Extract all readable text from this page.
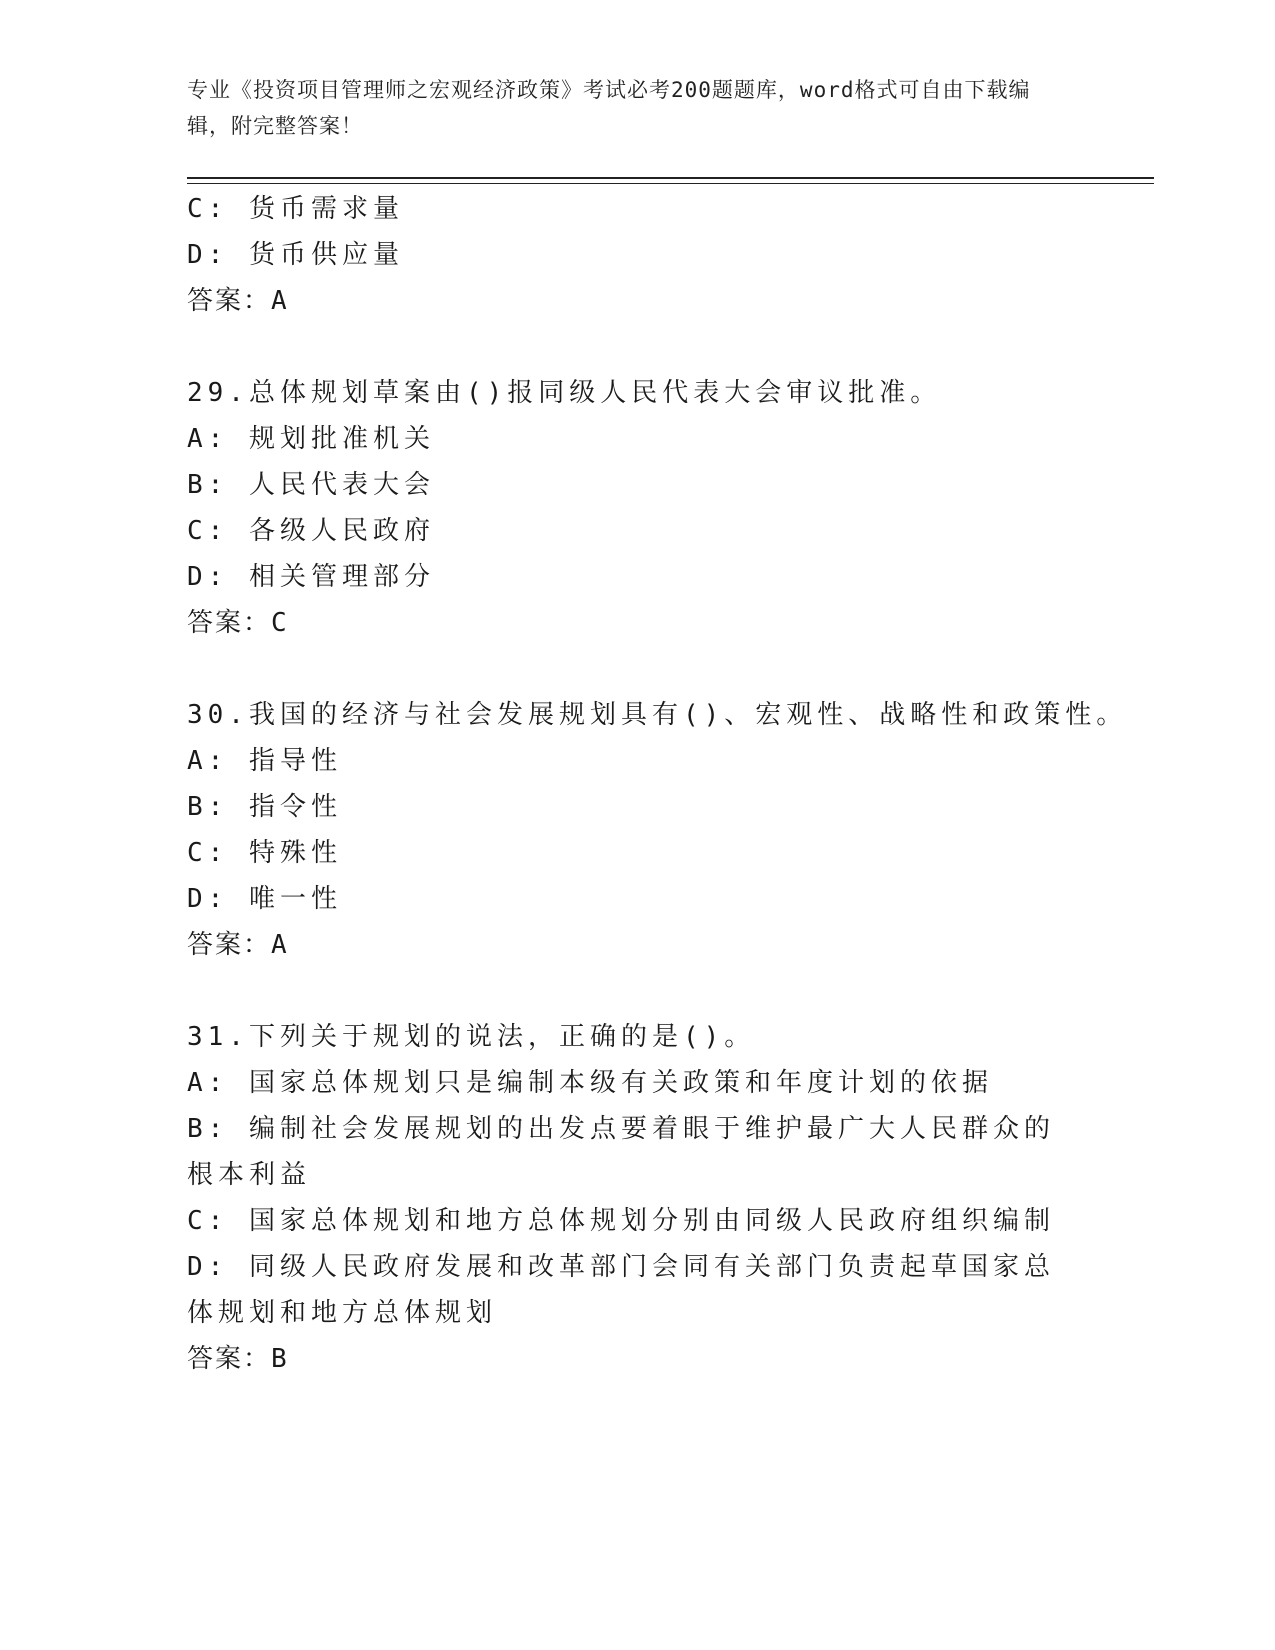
专业《投资项目管理师之宏观经济政策》考试必考200题题库，word格式可自由下载编辑，附完整答案！
C: 货币需求量
D: 货币供应量
答案：A
29.总体规划草案由()报同级人民代表大会审议批准。
A: 规划批准机关
B: 人民代表大会
C: 各级人民政府
D: 相关管理部分
答案：C
30.我国的经济与社会发展规划具有()、宏观性、战略性和政策性。
A: 指导性
B: 指令性
C: 特殊性
D: 唯一性
答案：A
31.下列关于规划的说法，正确的是()。
A: 国家总体规划只是编制本级有关政策和年度计划的依据
B: 编制社会发展规划的出发点要着眼于维护最广大人民群众的根本利益
C: 国家总体规划和地方总体规划分别由同级人民政府组织编制
D: 同级人民政府发展和改革部门会同有关部门负责起草国家总体规划和地方总体规划
答案：B
